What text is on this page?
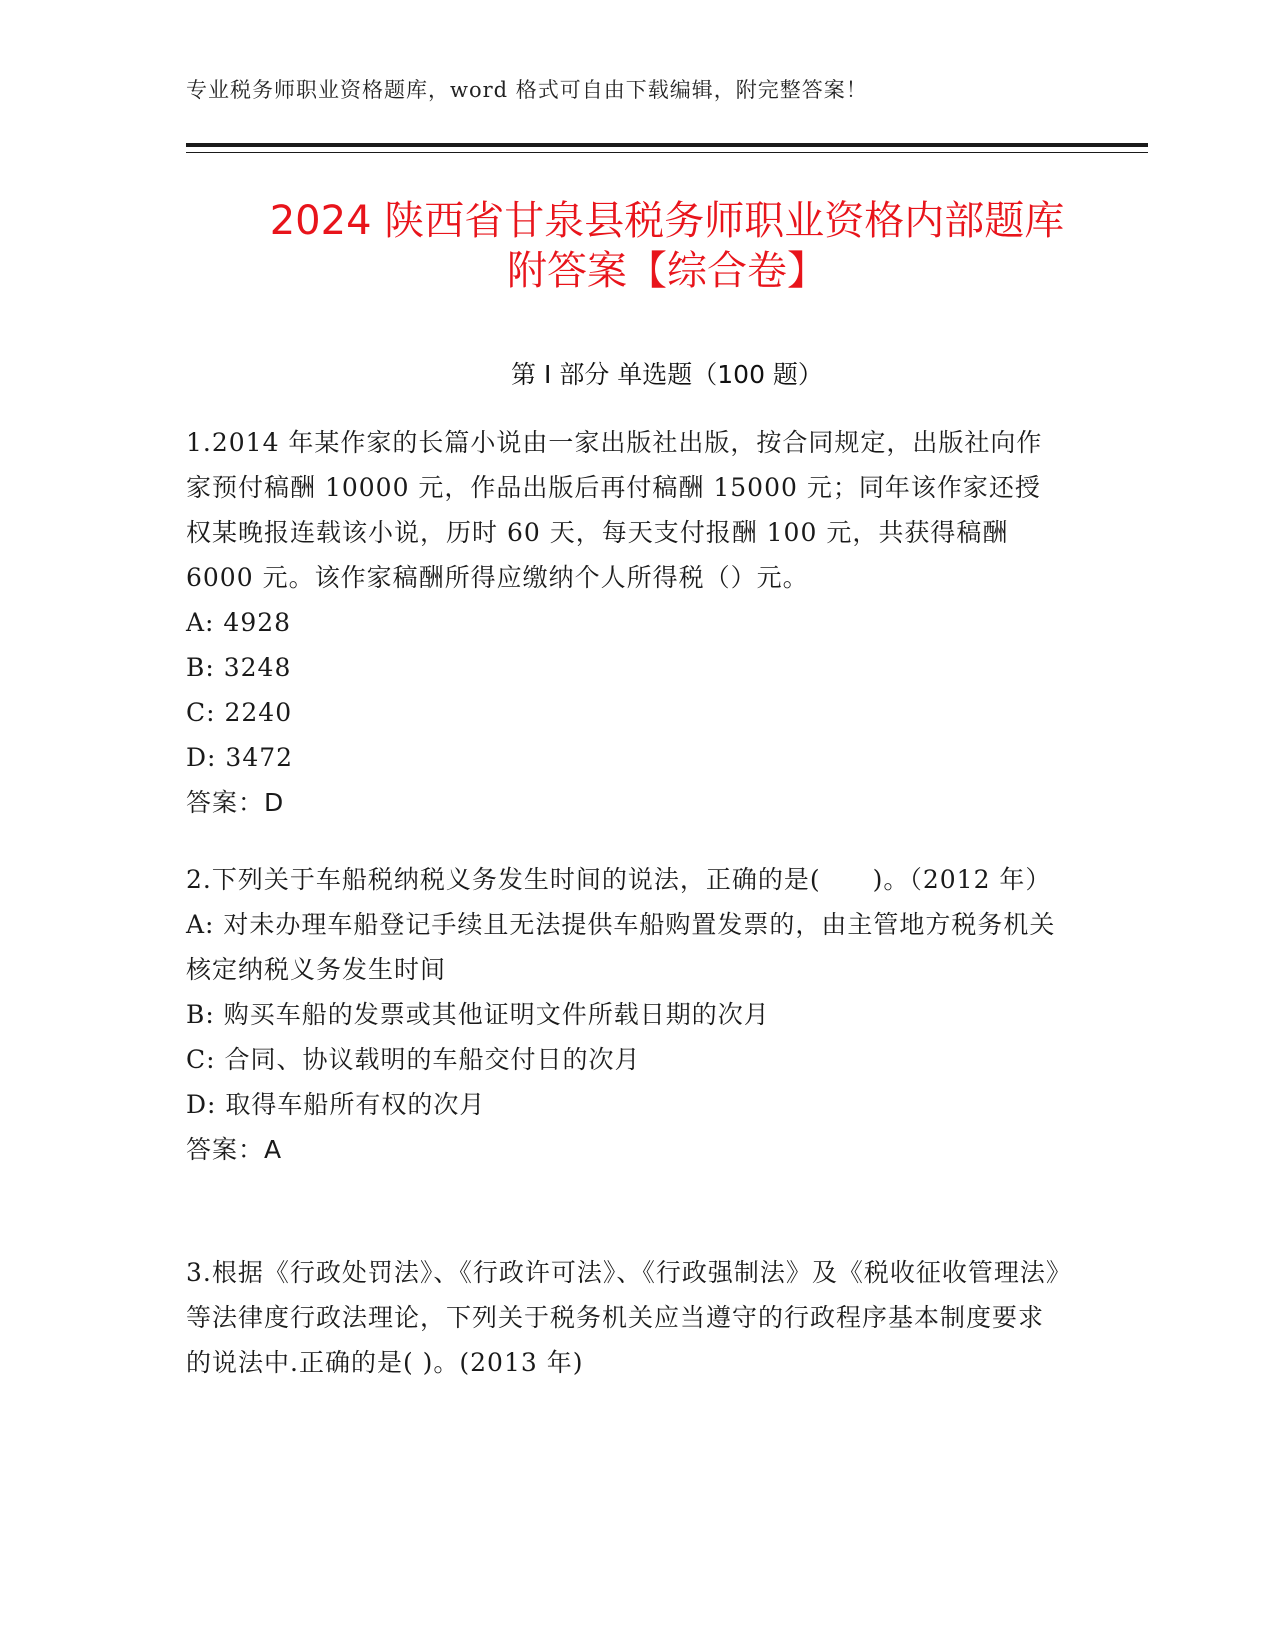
专业税务师职业资格题库，word 格式可自由下载编辑，附完整答案！
2024 陕西省甘泉县税务师职业资格内部题库
附答案【综合卷】
第 I 部分 单选题（100 题）

1.2014 年某作家的长篇小说由一家出版社出版，按合同规定，出版社向作家预付稿酬 10000 元，作品出版后再付稿酬 15000 元；同年该作家还授权某晚报连载该小说，历时 60 天，每天支付报酬 100 元，共获得稿酬 6000 元。该作家稿酬所得应缴纳个人所得税（）元。

A: 4928

B: 3248

C: 2240

D: 3472

答案：D

2.下列关于车船税纳税义务发生时间的说法，正确的是(　　)。（2012 年）

A: 对未办理车船登记手续且无法提供车船购置发票的，由主管地方税务机关核定纳税义务发生时间

B: 购买车船的发票或其他证明文件所载日期的次月

C: 合同、协议载明的车船交付日的次月

D: 取得车船所有权的次月

答案：A

3.根据《行政处罚法》、《行政许可法》、《行政强制法》及《税收征收管理法》等法律度行政法理论，下列关于税务机关应当遵守的行政程序基本制度要求的说法中.正确的是( )。(2013 年)
